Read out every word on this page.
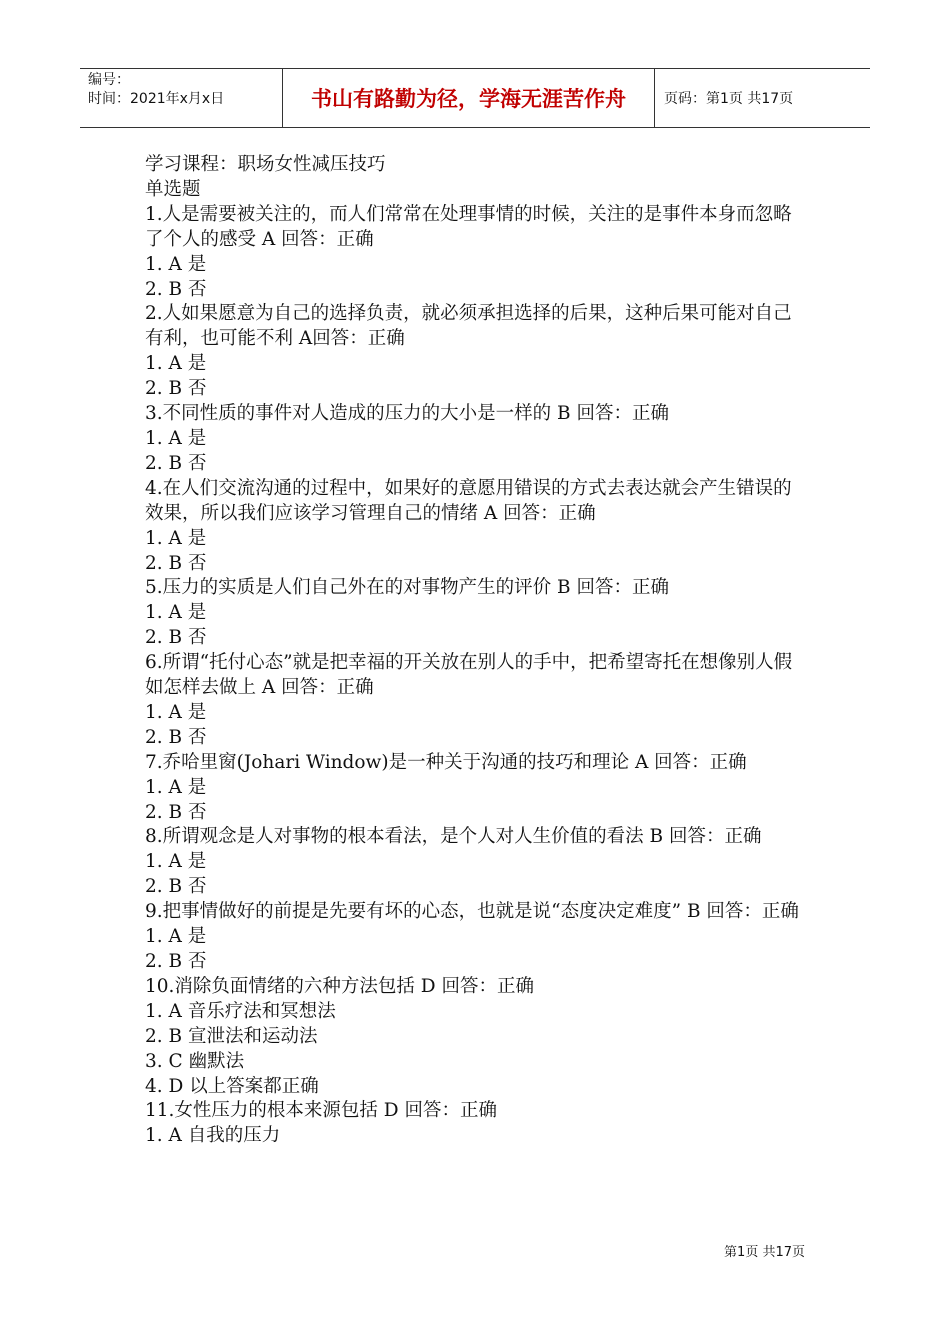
编号：
时间：2021年x月x日	书山有路勤为径，学海无涯苦作舟	页码：第1页 共17页
学习课程：职场女性减压技巧
单选题
1.人是需要被关注的，而人们常常在处理事情的时候，关注的是事件本身而忽略了个人的感受 A 回答：正确
1. A 是
2. B 否
2.人如果愿意为自己的选择负责，就必须承担选择的后果，这种后果可能对自己有利，也可能不利 A回答：正确
1. A 是
2. B 否
3.不同性质的事件对人造成的压力的大小是一样的 B 回答：正确
1. A 是
2. B 否
4.在人们交流沟通的过程中，如果好的意愿用错误的方式去表达就会产生错误的效果，所以我们应该学习管理自己的情绪 A 回答：正确
1. A 是
2. B 否
5.压力的实质是人们自己外在的对事物产生的评价 B 回答：正确
1. A 是
2. B 否
6.所谓“托付心态”就是把幸福的开关放在别人的手中，把希望寄托在想像别人假如怎样去做上 A 回答：正确
1. A 是
2. B 否
7.乔哈里窗(Johari Window)是一种关于沟通的技巧和理论 A 回答：正确
1. A 是
2. B 否
8.所谓观念是人对事物的根本看法，是个人对人生价值的看法 B 回答：正确
1. A 是
2. B 否
9.把事情做好的前提是先要有坏的心态，也就是说“态度决定难度” B 回答：正确
1. A 是
2. B 否
10.消除负面情绪的六种方法包括 D 回答：正确
1. A 音乐疗法和冥想法
2. B 宣泄法和运动法
3. C 幽默法
4. D 以上答案都正确
11.女性压力的根本来源包括 D 回答：正确
1. A 自我的压力
第1页 共17页
